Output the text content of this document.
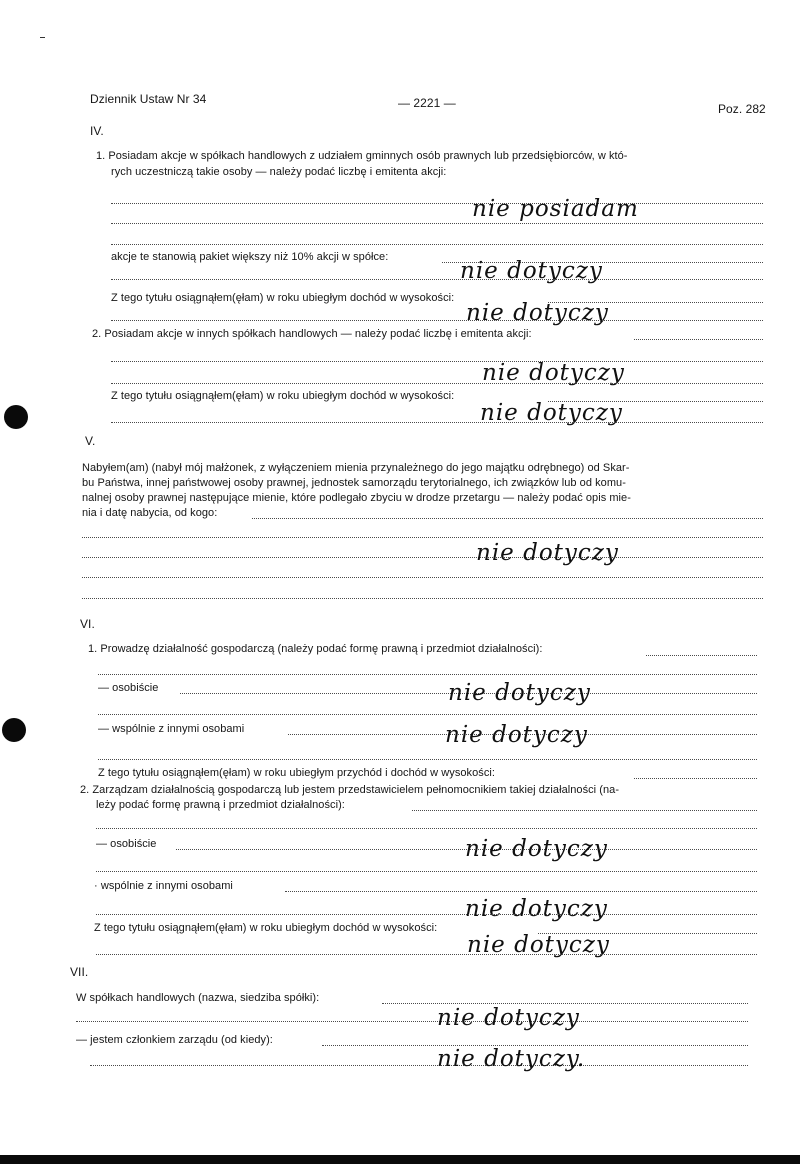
Dziennik Ustaw Nr 34	— 2221 —	Poz. 282
IV.
1. Posiadam akcje w spółkach handlowych z udziałem gminnych osób prawnych lub przedsiębiorców, w któ-
rych uczestniczą takie osoby — należy podać liczbę i emitenta akcji:
nie posiadam
akcje te stanowią pakiet większy niż 10% akcji w spółce:
nie dotyczy
Z tego tytułu osiągnąłem(ęłam) w roku ubiegłym dochód w wysokości:
nie dotyczy
2. Posiadam akcje w innych spółkach handlowych — należy podać liczbę i emitenta akcji:
nie dotyczy
Z tego tytułu osiągnąłem(ęłam) w roku ubiegłym dochód w wysokości:
nie dotyczy
V.
Nabyłem(am) (nabył mój małżonek, z wyłączeniem mienia przynależnego do jego majątku odrębnego) od Skar-
bu Państwa, innej państwowej osoby prawnej, jednostek samorządu terytorialnego, ich związków lub od komu-
nalnej osoby prawnej następujące mienie, które podlegało zbyciu w drodze przetargu — należy podać opis mie-
nia i datę nabycia, od kogo:
nie dotyczy
VI.
1. Prowadzę działalność gospodarczą (należy podać formę prawną i przedmiot działalności):
— osobiście	nie dotyczy
— wspólnie z innymi osobami	nie dotyczy
Z tego tytułu osiągnąłem(ęłam) w roku ubiegłym przychód i dochód w wysokości:
2. Zarządzam działalnością gospodarczą lub jestem przedstawicielem pełnomocnikiem takiej działalności (na-
leży podać formę prawną i przedmiot działalności):
— osobiście	nie dotyczy
· wspólnie z innymi osobami
nie dotyczy
Z tego tytułu osiągnąłem(ęłam) w roku ubiegłym dochód w wysokości:
nie dotyczy
VII.
W spółkach handlowych (nazwa, siedziba spółki):
nie dotyczy
— jestem członkiem zarządu (od kiedy):
nie dotyczy.
